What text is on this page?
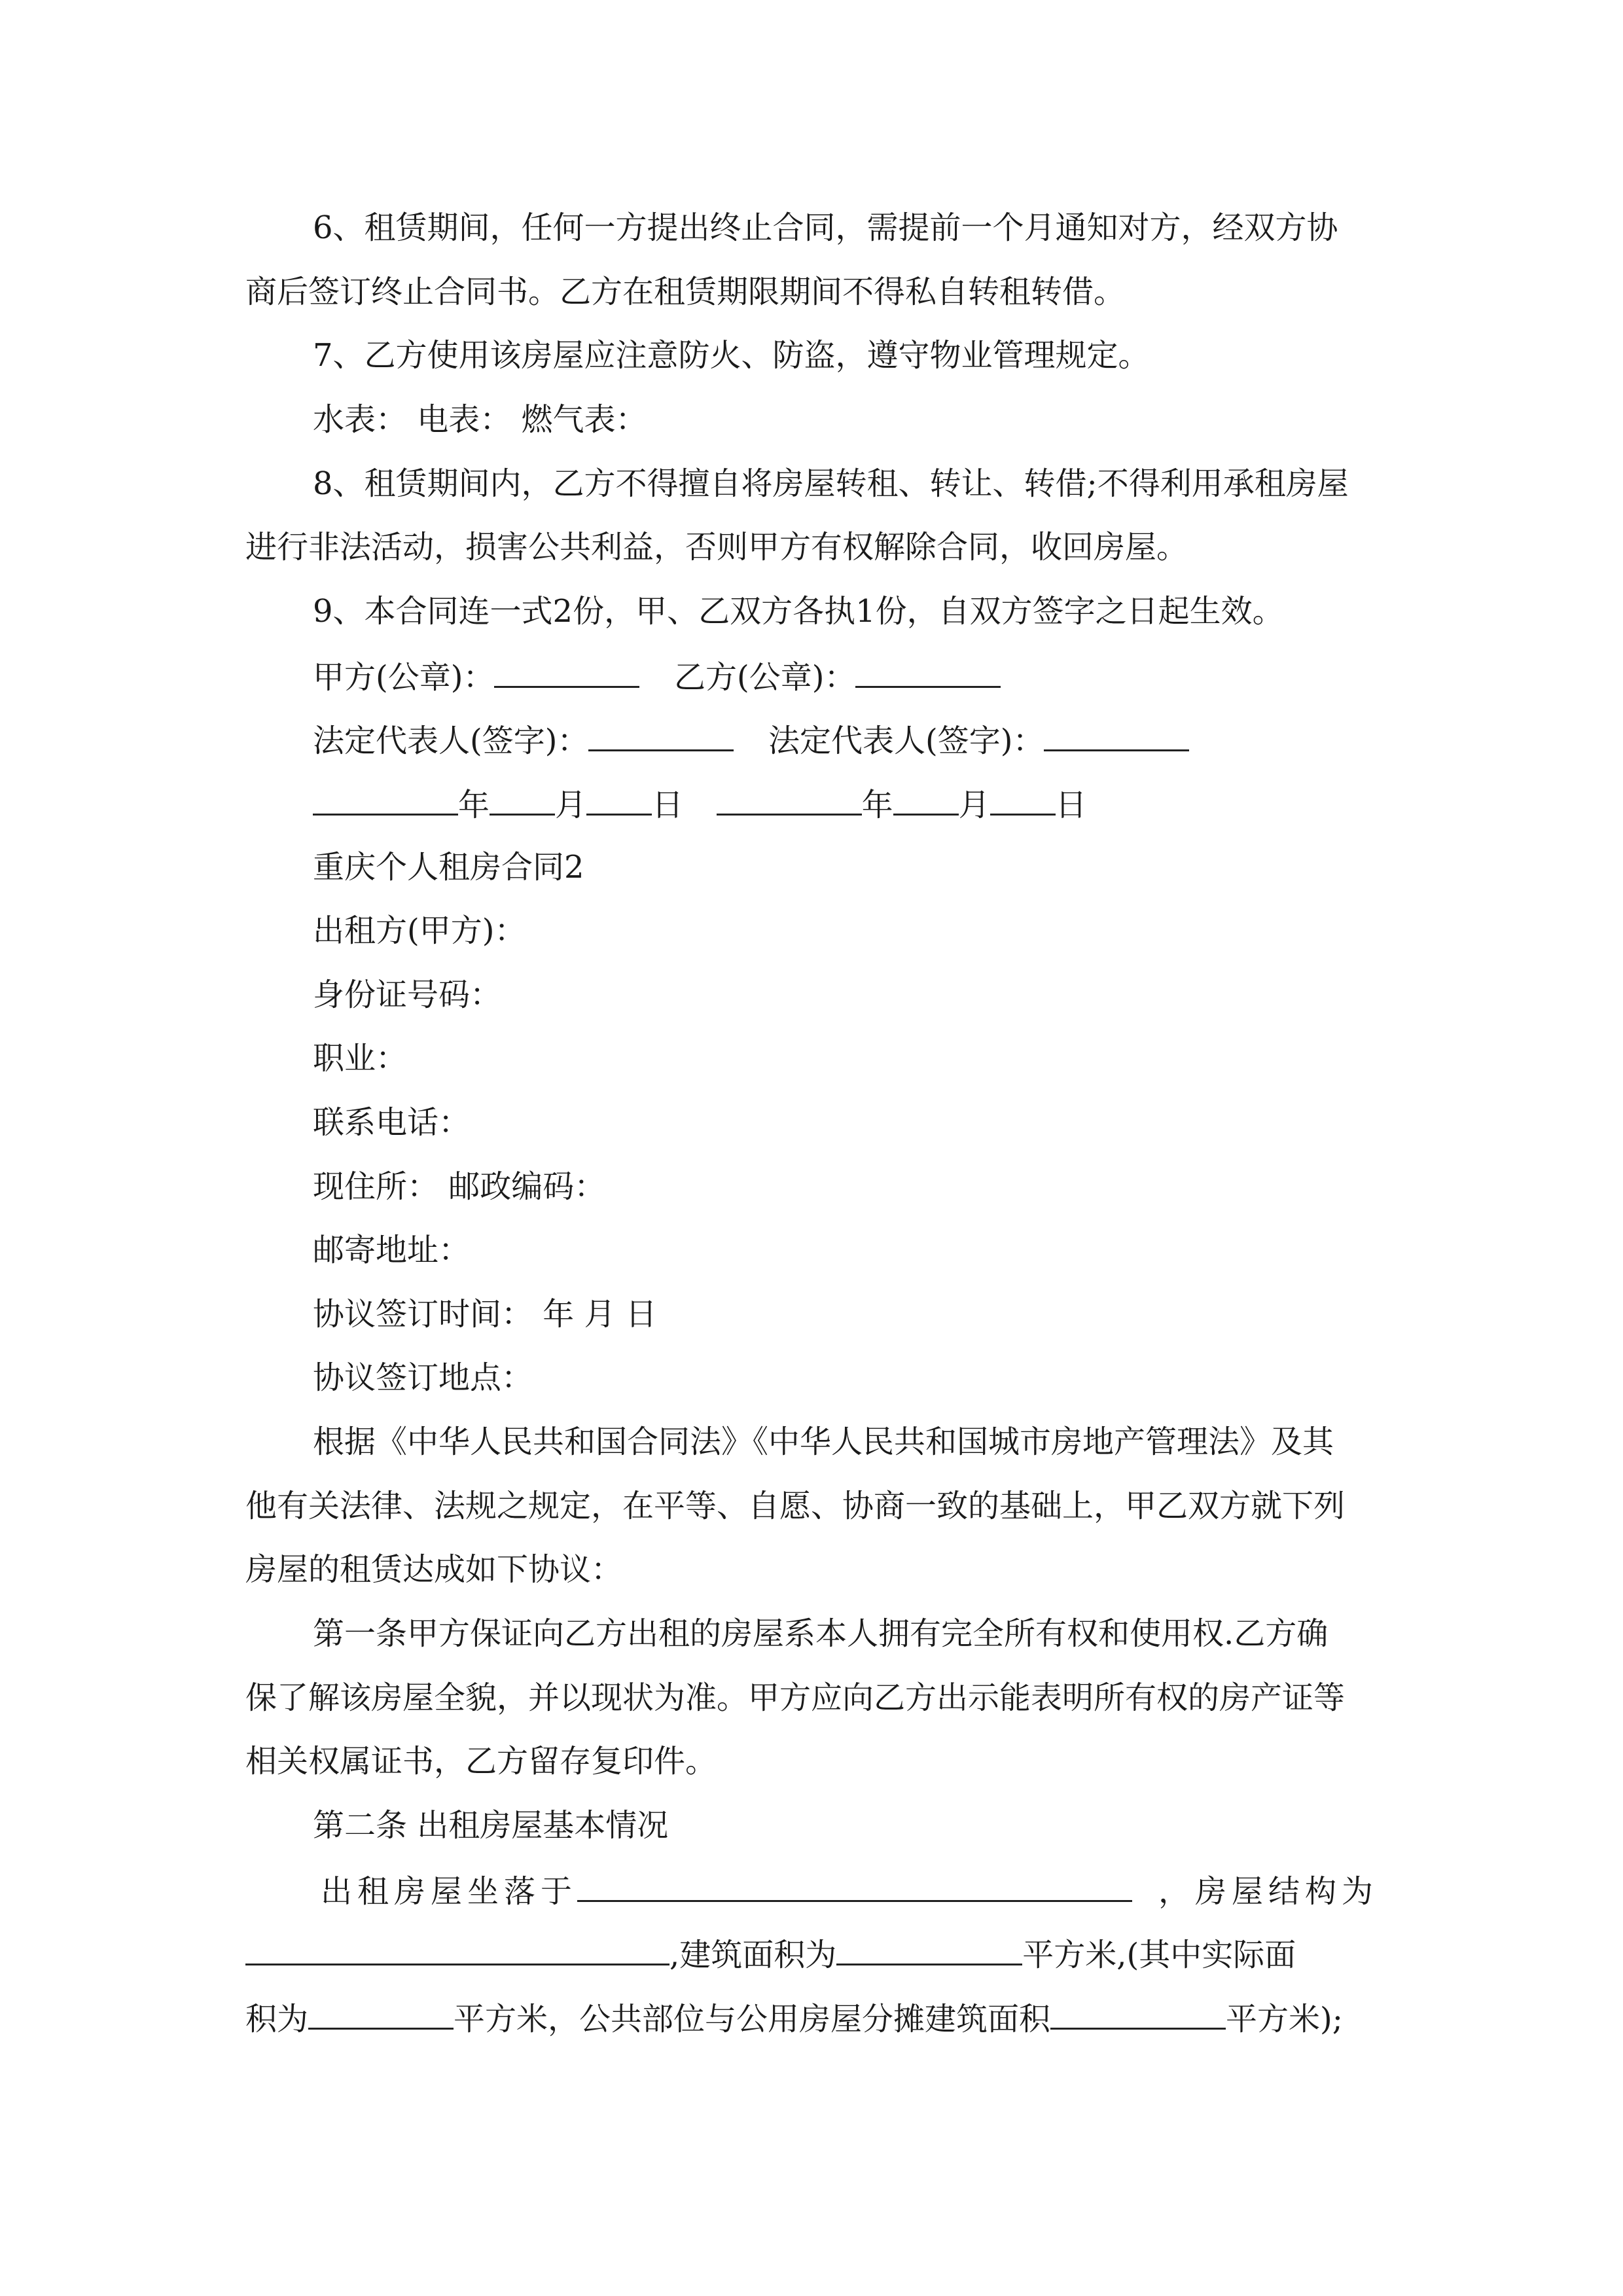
6、租赁期间，任何一方提出终止合同，需提前一个月通知对方，经双方协
商后签订终止合同书。乙方在租赁期限期间不得私自转租转借。
7、乙方使用该房屋应注意防火、防盗，遵守物业管理规定。
水表： 电表： 燃气表：
8、租赁期间内，乙方不得擅自将房屋转租、转让、转借;不得利用承租房屋
进行非法活动，损害公共利益，否则甲方有权解除合同，收回房屋。
9、本合同连一式2份，甲、乙双方各执1份，自双方签字之日起生效。
甲方(公章)：	乙方(公章)：
法定代表人(签字)：	法定代表人(签字)：
年 月 日	年 月 日
重庆个人租房合同2
出租方(甲方)：
身份证号码：
职业：
联系电话：
现住所： 邮政编码：
邮寄地址：
协议签订时间： 年 月 日
协议签订地点：
根据《中华人民共和国合同法》《中华人民共和国城市房地产管理法》及其
他有关法律、法规之规定，在平等、自愿、协商一致的基础上，甲乙双方就下列
房屋的租赁达成如下协议：
第一条甲方保证向乙方出租的房屋系本人拥有完全所有权和使用权.乙方确
保了解该房屋全貌，并以现状为准。甲方应向乙方出示能表明所有权的房产证等
相关权属证书，乙方留存复印件。
第二条 出租房屋基本情况
出租房屋坐落于	，房屋结构为
,建筑面积为	平方米,(其中实际面
积为	平方米，公共部位与公用房屋分摊建筑面积	平方米);
